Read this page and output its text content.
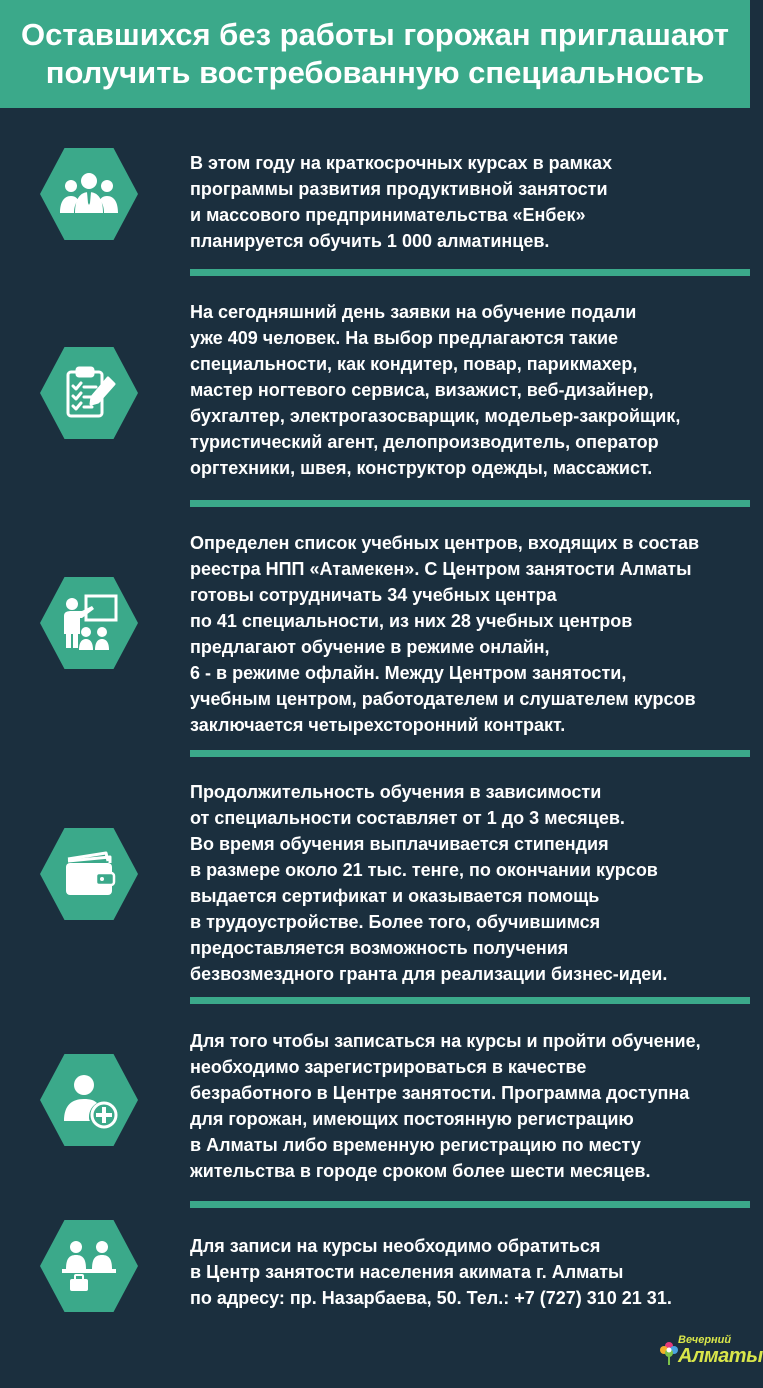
Оставшихся без работы горожан приглашают
получить востребованную специальность
В этом году на краткосрочных курсах в рамках
программы развития продуктивной занятости
и массового предпринимательства «Енбек»
планируется обучить 1 000 алматинцев.
На сегодняшний день заявки на обучение подали
уже 409 человек. На выбор предлагаются такие
специальности, как кондитер, повар, парикмахер,
мастер ногтевого сервиса, визажист, веб-дизайнер,
бухгалтер, электрогазосварщик, модельер-закройщик,
туристический агент, делопроизводитель, оператор
оргтехники, швея, конструктор одежды, массажист.
Определен список учебных центров, входящих в состав
реестра НПП «Атамекен». С Центром занятости Алматы
готовы сотрудничать 34 учебных центра
по 41 специальности, из них 28 учебных центров
предлагают обучение в режиме онлайн,
6 - в режиме офлайн. Между Центром занятости,
учебным центром, работодателем и слушателем курсов
заключается четырехсторонний контракт.
Продолжительность обучения в зависимости
от специальности составляет от 1 до 3 месяцев.
Во время обучения выплачивается стипендия
в размере около 21 тыс. тенге, по окончании курсов
выдается сертификат и оказывается помощь
в трудоустройстве. Более того, обучившимся
предоставляется возможность получения
безвозмездного гранта для реализации бизнес-идеи.
Для того чтобы записаться на курсы и пройти обучение,
необходимо зарегистрироваться в качестве
безработного в Центре занятости. Программа доступна
для горожан, имеющих постоянную регистрацию
в Алматы либо временную регистрацию по месту
жительства в городе сроком более шести месяцев.
Для записи на курсы необходимо обратиться
в Центр занятости населения акимата г. Алматы
по адресу: пр. Назарбаева, 50. Тел.: +7 (727) 310 21 31.
Вечерний
Алматы
